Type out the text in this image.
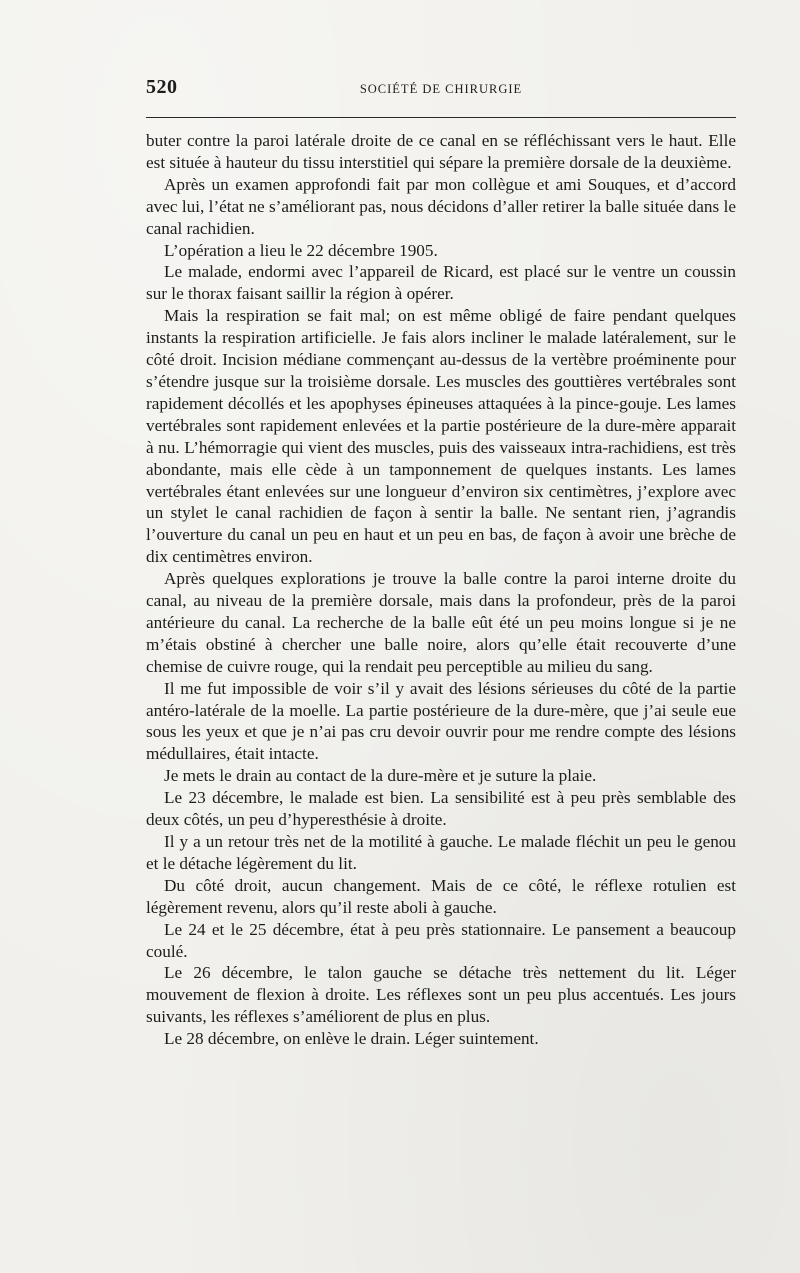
520	SOCIÉTÉ DE CHIRURGIE

buter contre la paroi latérale droite de ce canal en se réfléchissant vers le haut. Elle est située à hauteur du tissu interstitiel qui sépare la première dorsale de la deuxième.

Après un examen approfondi fait par mon collègue et ami Souques, et d’accord avec lui, l’état ne s’améliorant pas, nous décidons d’aller retirer la balle située dans le canal rachidien.

L’opération a lieu le 22 décembre 1905.

Le malade, endormi avec l’appareil de Ricard, est placé sur le ventre un coussin sur le thorax faisant saillir la région à opérer.

Mais la respiration se fait mal; on est même obligé de faire pendant quelques instants la respiration artificielle. Je fais alors incliner le malade latéralement, sur le côté droit. Incision médiane commençant au-dessus de la vertèbre proéminente pour s’étendre jusque sur la troisième dorsale. Les muscles des gouttières vertébrales sont rapidement décollés et les apophyses épineuses attaquées à la pince-gouje. Les lames vertébrales sont rapidement enlevées et la partie postérieure de la dure-mère apparait à nu. L’hémorragie qui vient des muscles, puis des vaisseaux intra-rachidiens, est très abondante, mais elle cède à un tamponnement de quelques instants. Les lames vertébrales étant enlevées sur une longueur d’environ six centimètres, j’explore avec un stylet le canal rachidien de façon à sentir la balle. Ne sentant rien, j’agrandis l’ouverture du canal un peu en haut et un peu en bas, de façon à avoir une brèche de dix centimètres environ.

Après quelques explorations je trouve la balle contre la paroi interne droite du canal, au niveau de la première dorsale, mais dans la profondeur, près de la paroi antérieure du canal. La recherche de la balle eût été un peu moins longue si je ne m’étais obstiné à chercher une balle noire, alors qu’elle était recouverte d’une chemise de cuivre rouge, qui la rendait peu perceptible au milieu du sang.

Il me fut impossible de voir s’il y avait des lésions sérieuses du côté de la partie antéro-latérale de la moelle. La partie postérieure de la dure-mère, que j’ai seule eue sous les yeux et que je n’ai pas cru devoir ouvrir pour me rendre compte des lésions médullaires, était intacte.

Je mets le drain au contact de la dure-mère et je suture la plaie.

Le 23 décembre, le malade est bien. La sensibilité est à peu près semblable des deux côtés, un peu d’hyperesthésie à droite.

Il y a un retour très net de la motilité à gauche. Le malade fléchit un peu le genou et le détache légèrement du lit.

Du côté droit, aucun changement. Mais de ce côté, le réflexe rotulien est légèrement revenu, alors qu’il reste aboli à gauche.

Le 24 et le 25 décembre, état à peu près stationnaire. Le pansement a beaucoup coulé.

Le 26 décembre, le talon gauche se détache très nettement du lit. Léger mouvement de flexion à droite. Les réflexes sont un peu plus accentués. Les jours suivants, les réflexes s’améliorent de plus en plus.

Le 28 décembre, on enlève le drain. Léger suintement.
